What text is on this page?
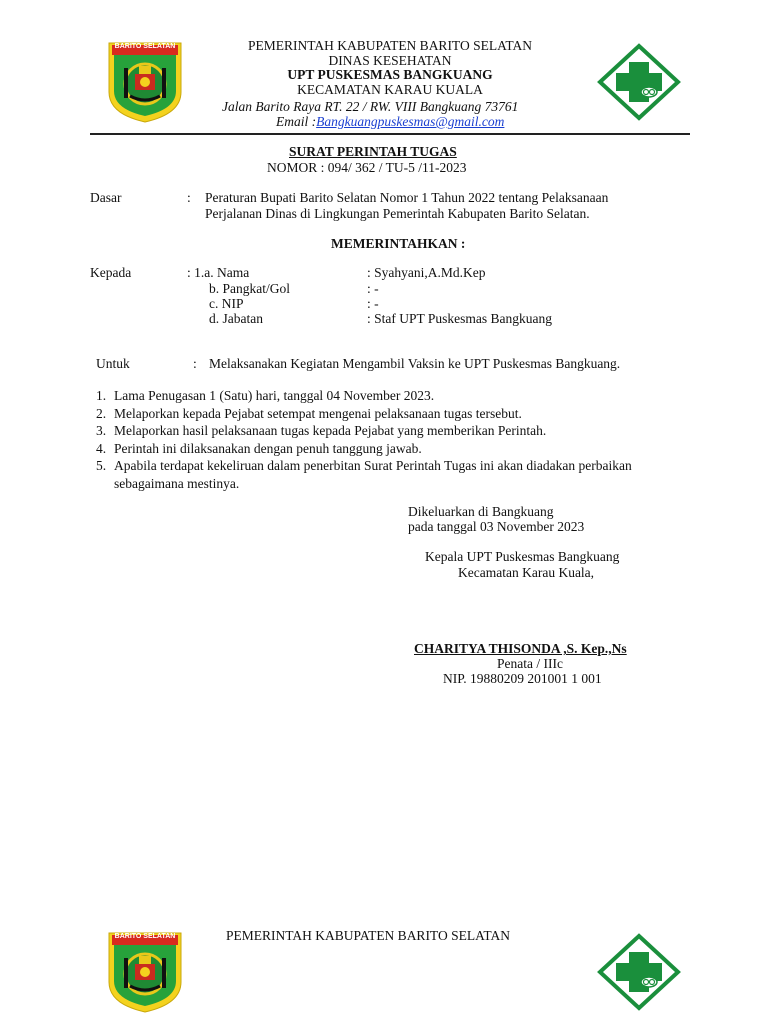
BARITO SELATAN	PEMERINTAH KABUPATEN BARITO SELATAN
DINAS KESEHATAN
UPT PUSKESMAS BANGKUANG
KECAMATAN KARAU KUALA
Jalan Barito Raya RT. 22 / RW. VIII Bangkuang 73761
Email :Bangkuangpuskesmas@gmail.com
SURAT PERINTAH TUGAS
NOMOR : 094/ 362 / TU-5 /11-2023
Dasar	: Peraturan Bupati Barito Selatan Nomor 1 Tahun 2022 tentang Pelaksanaan
Perjalanan Dinas di Lingkungan Pemerintah Kabupaten Barito Selatan.
MEMERINTAHKAN :
Kepada	: 1.a. Nama	: Syahyani,A.Md.Kep
b. Pangkat/Gol	: -
c. NIP	: -
d. Jabatan	: Staf UPT Puskesmas Bangkuang
Untuk	: Melaksanakan Kegiatan Mengambil Vaksin ke UPT Puskesmas Bangkuang.
1. Lama Penugasan 1 (Satu) hari, tanggal 04 November 2023.
2. Melaporkan kepada Pejabat setempat mengenai pelaksanaan tugas tersebut.
3. Melaporkan hasil pelaksanaan tugas kepada Pejabat yang memberikan Perintah.
4. Perintah ini dilaksanakan dengan penuh tanggung jawab.
5. Apabila terdapat kekeliruan dalam penerbitan Surat Perintah Tugas ini akan diadakan perbaikan sebagaimana mestinya.
Dikeluarkan di Bangkuang
pada tanggal 03 November 2023
Kepala UPT Puskesmas Bangkuang
Kecamatan Karau Kuala,
CHARITYA THISONDA ,S. Kep.,Ns
Penata / IIIc
NIP. 19880209 201001 1 001
BARITO SELATAN	PEMERINTAH KABUPATEN BARITO SELATAN
